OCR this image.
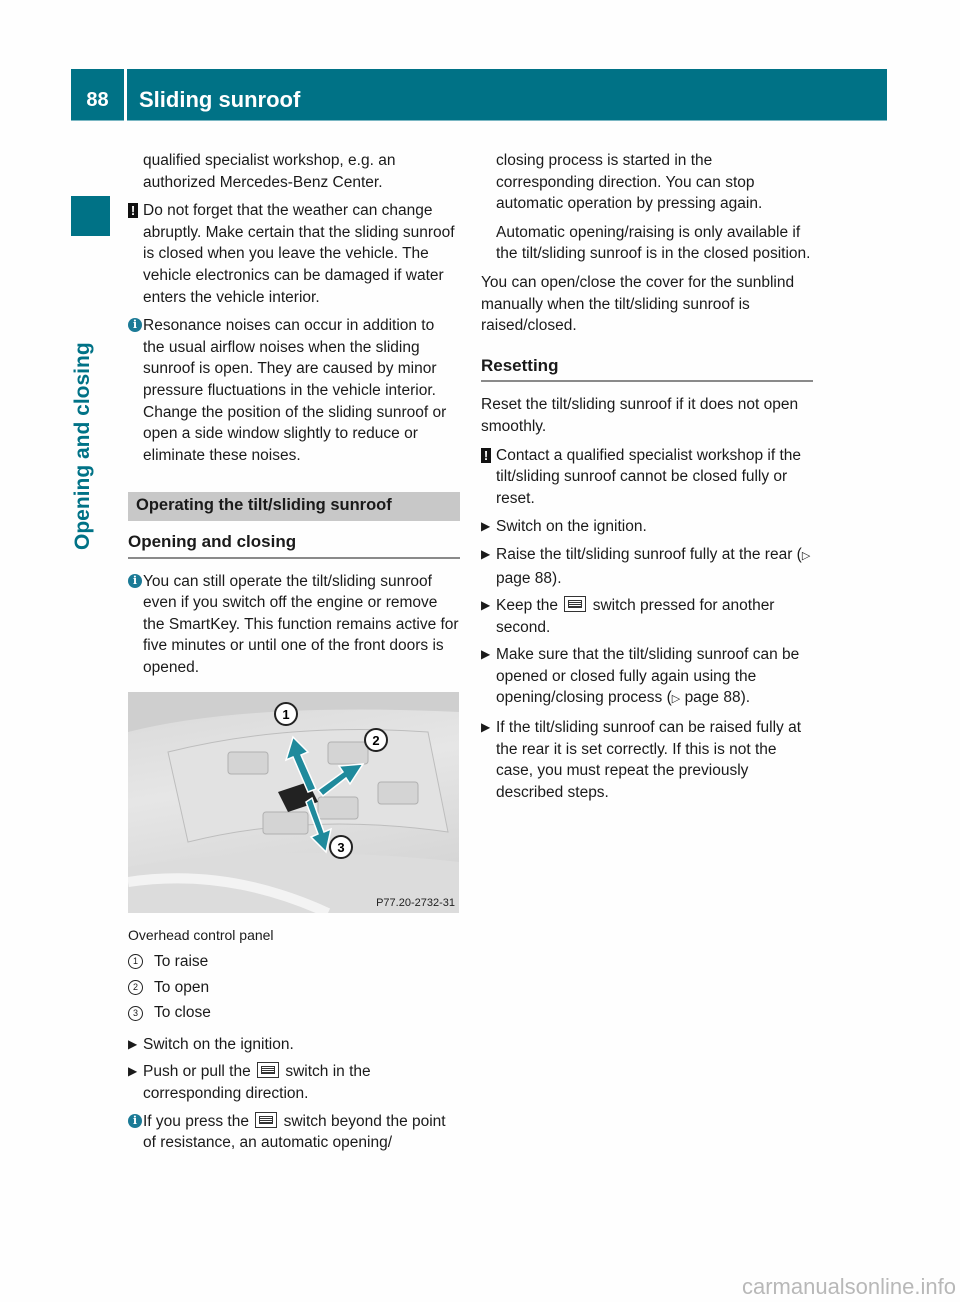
88	Sliding sunroof
Opening and closing

qualified specialist workshop, e.g. an authorized Mercedes-Benz Center.

! Do not forget that the weather can change abruptly. Make certain that the sliding sunroof is closed when you leave the vehicle. The vehicle electronics can be damaged if water enters the vehicle interior.
i Resonance noises can occur in addition to the usual airflow noises when the sliding sunroof is open. They are caused by minor pressure fluctuations in the vehicle interior. Change the position of the sliding sunroof or open a side window slightly to reduce or eliminate these noises.
Operating the tilt/sliding sunroof
Opening and closing
i You can still operate the tilt/sliding sunroof even if you switch off the engine or remove the SmartKey. This function remains active for five minutes or until one of the front doors is opened.
1
2
3
P77.20-2732-31
Overhead control panel
1	To raise
2	To open
3	To close
▶ Switch on the ignition.
▶ Push or pull the switch in the corresponding direction.
i If you press the switch beyond the point of resistance, an automatic opening/

closing process is started in the corresponding direction. You can stop automatic operation by pressing again.

Automatic opening/raising is only available if the tilt/sliding sunroof is in the closed position.

You can open/close the cover for the sunblind manually when the tilt/sliding sunroof is raised/closed.

Resetting

Reset the tilt/sliding sunroof if it does not open smoothly.

! Contact a qualified specialist workshop if the tilt/sliding sunroof cannot be closed fully or reset.
▶ Switch on the ignition.
▶ Raise the tilt/sliding sunroof fully at the rear (▷ page 88).
▶ Keep the switch pressed for another second.
▶ Make sure that the tilt/sliding sunroof can be opened or closed fully again using the opening/closing process (▷ page 88).
▶ If the tilt/sliding sunroof can be raised fully at the rear it is set correctly. If this is not the case, you must repeat the previously described steps.
carmanualsonline.info
